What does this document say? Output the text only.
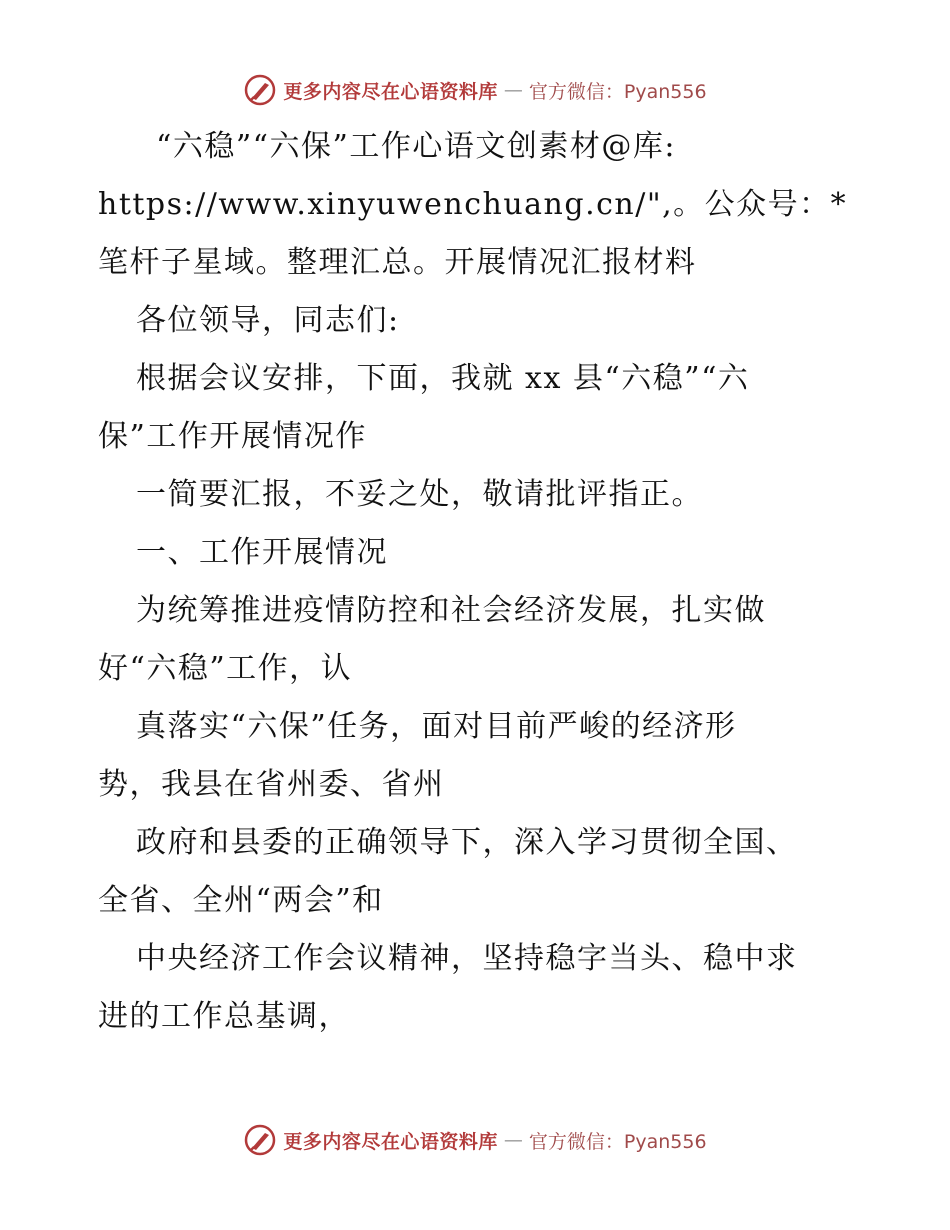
更多内容尽在心语资料库 — 官方微信：Pyan556

“六稳”“六保”工作心语文创素材@库:

https://www.xinyuwenchuang.cn/",。公众号：*

笔杆子星域。整理汇总。开展情况汇报材料

各位领导，同志们:

根据会议安排，下面，我就 xx 县“六稳”“六

保”工作开展情况作

一简要汇报，不妥之处，敬请批评指正。

一、工作开展情况

为统筹推进疫情防控和社会经济发展，扎实做

好“六稳”工作，认

真落实“六保”任务，面对目前严峻的经济形

势，我县在省州委、省州

政府和县委的正确领导下，深入学习贯彻全国、

全省、全州“两会”和

中央经济工作会议精神，坚持稳字当头、稳中求

进的工作总基调，

更多内容尽在心语资料库 — 官方微信：Pyan556
